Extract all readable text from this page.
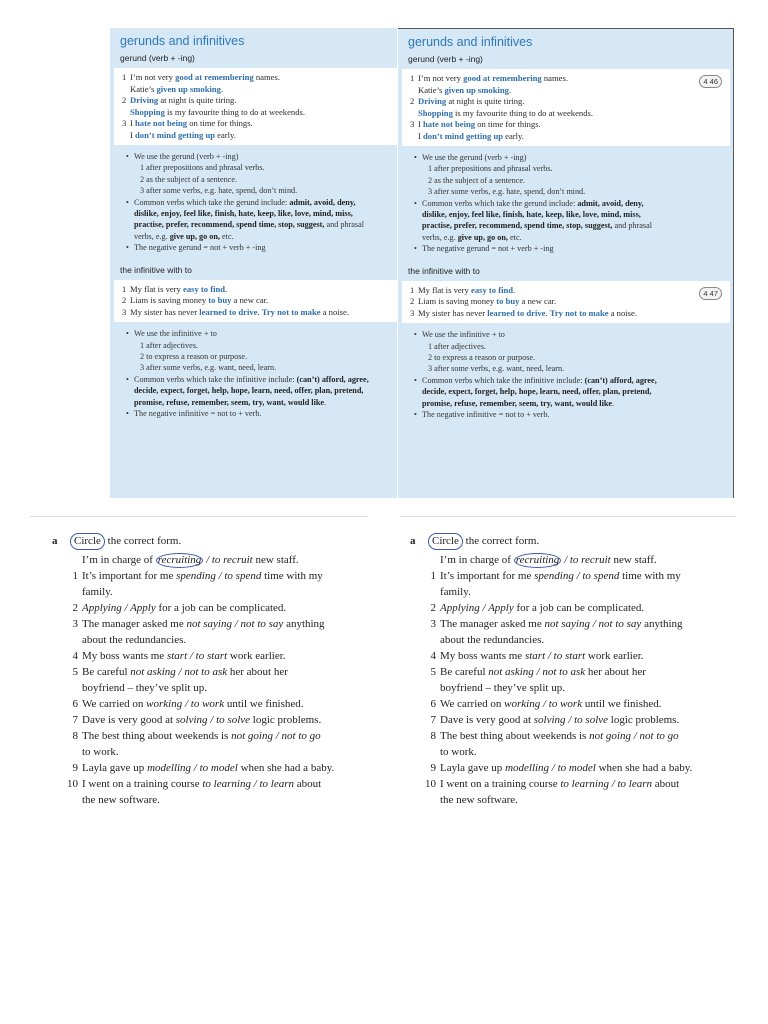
gerunds and infinitives
gerund (verb + -ing)
1 I’m not very good at remembering names.
Katie’s given up smoking.
2 Driving at night is quite tiring.
Shopping is my favourite thing to do at weekends.
3 I hate not being on time for things.
I don’t mind getting up early.
• We use the gerund (verb + -ing)
1 after prepositions and phrasal verbs.
2 as the subject of a sentence.
3 after some verbs, e.g. hate, spend, don’t mind.
• Common verbs which take the gerund include: admit, avoid, deny,
dislike, enjoy, feel like, finish, hate, keep, like, love, mind, miss,
practise, prefer, recommend, spend time, stop, suggest, and phrasal
verbs, e.g. give up, go on, etc.
• The negative gerund = not + verb + -ing
the infinitive with to
1 My flat is very easy to find.
2 Liam is saving money to buy a new car.
3 My sister has never learned to drive. Try not to make a noise.
• We use the infinitive + to
1 after adjectives.
2 to express a reason or purpose.
3 after some verbs, e.g. want, need, learn.
• Common verbs which take the infinitive include: (can’t) afford, agree,
decide, expect, forget, help, hope, learn, need, offer, plan, pretend,
promise, refuse, remember, seem, try, want, would like.
• The negative infinitive = not to + verb.
gerunds and infinitives
gerund (verb + -ing)
4 46
1 I’m not very good at remembering names.
Katie’s given up smoking.
2 Driving at night is quite tiring.
Shopping is my favourite thing to do at weekends.
3 I hate not being on time for things.
I don’t mind getting up early.
• We use the gerund (verb + -ing)
1 after prepositions and phrasal verbs.
2 as the subject of a sentence.
3 after some verbs, e.g. hate, spend, don’t mind.
• Common verbs which take the gerund include: admit, avoid, deny,
dislike, enjoy, feel like, finish, hate, keep, like, love, mind, miss,
practise, prefer, recommend, spend time, stop, suggest, and phrasal
verbs, e.g. give up, go on, etc.
• The negative gerund = not + verb + -ing
the infinitive with to
4 47
1 My flat is very easy to find.
2 Liam is saving money to buy a new car.
3 My sister has never learned to drive. Try not to make a noise.
• We use the infinitive + to
1 after adjectives.
2 to express a reason or purpose.
3 after some verbs, e.g. want, need, learn.
• Common verbs which take the infinitive include: (can’t) afford, agree,
decide, expect, forget, help, hope, learn, need, offer, plan, pretend,
promise, refuse, remember, seem, try, want, would like.
• The negative infinitive = not to + verb.
a Circle the correct form.
I’m in charge of recruiting / to recruit new staff.
1 It’s important for me spending / to spend time with my
family.
2 Applying / Apply for a job can be complicated.
3 The manager asked me not saying / not to say anything
about the redundancies.
4 My boss wants me start / to start work earlier.
5 Be careful not asking / not to ask her about her
boyfriend – they’ve split up.
6 We carried on working / to work until we finished.
7 Dave is very good at solving / to solve logic problems.
8 The best thing about weekends is not going / not to go
to work.
9 Layla gave up modelling / to model when she had a baby.
10 I went on a training course to learning / to learn about
the new software.
a Circle the correct form.
I’m in charge of recruiting / to recruit new staff.
1 It’s important for me spending / to spend time with my
family.
2 Applying / Apply for a job can be complicated.
3 The manager asked me not saying / not to say anything
about the redundancies.
4 My boss wants me start / to start work earlier.
5 Be careful not asking / not to ask her about her
boyfriend – they’ve split up.
6 We carried on working / to work until we finished.
7 Dave is very good at solving / to solve logic problems.
8 The best thing about weekends is not going / not to go
to work.
9 Layla gave up modelling / to model when she had a baby.
10 I went on a training course to learning / to learn about
the new software.
